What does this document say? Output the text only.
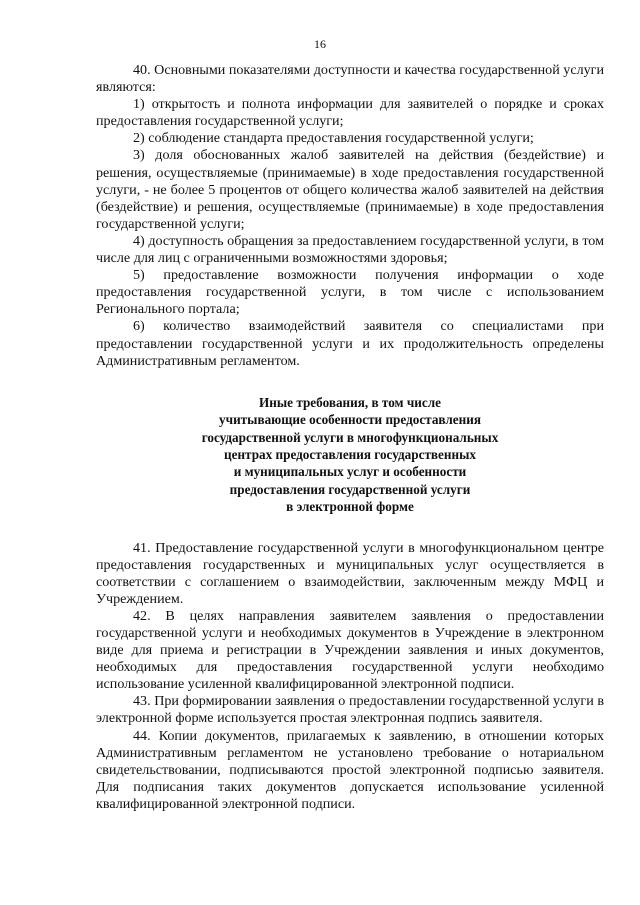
16

40. Основными показателями доступности и качества государственной услуги являются:

1) открытость и полнота информации для заявителей о порядке и сроках предоставления государственной услуги;

2) соблюдение стандарта предоставления государственной услуги;

3) доля обоснованных жалоб заявителей на действия (бездействие) и решения, осуществляемые (принимаемые) в ходе предоставления государственной услуги, - не более 5 процентов от общего количества жалоб заявителей на действия (бездействие) и решения, осуществляемые (принимаемые) в ходе предоставления государственной услуги;

4) доступность обращения за предоставлением государственной услуги, в том числе для лиц с ограниченными возможностями здоровья;

5) предоставление возможности получения информации о ходе предоставления государственной услуги, в том числе с использованием Регионального портала;

6) количество взаимодействий заявителя со специалистами при предоставлении государственной услуги и их продолжительность определены Административным регламентом.

Иные требования, в том числе
учитывающие особенности предоставления
государственной услуги в многофункциональных
центрах предоставления государственных
и муниципальных услуг и особенности
предоставления государственной услуги
в электронной форме

41. Предоставление государственной услуги в многофункциональном центре предоставления государственных и муниципальных услуг осуществляется в соответствии с соглашением о взаимодействии, заключенным между МФЦ и Учреждением.

42. В целях направления заявителем заявления о предоставлении государственной услуги и необходимых документов в Учреждение в электронном виде для приема и регистрации в Учреждении заявления и иных документов, необходимых для предоставления государственной услуги необходимо использование усиленной квалифицированной электронной подписи.

43. При формировании заявления о предоставлении государственной услуги в электронной форме используется простая электронная подпись заявителя.

44. Копии документов, прилагаемых к заявлению, в отношении которых Административным регламентом не установлено требование о нотариальном свидетельствовании, подписываются простой электронной подписью заявителя. Для подписания таких документов допускается использование усиленной квалифицированной электронной подписи.
